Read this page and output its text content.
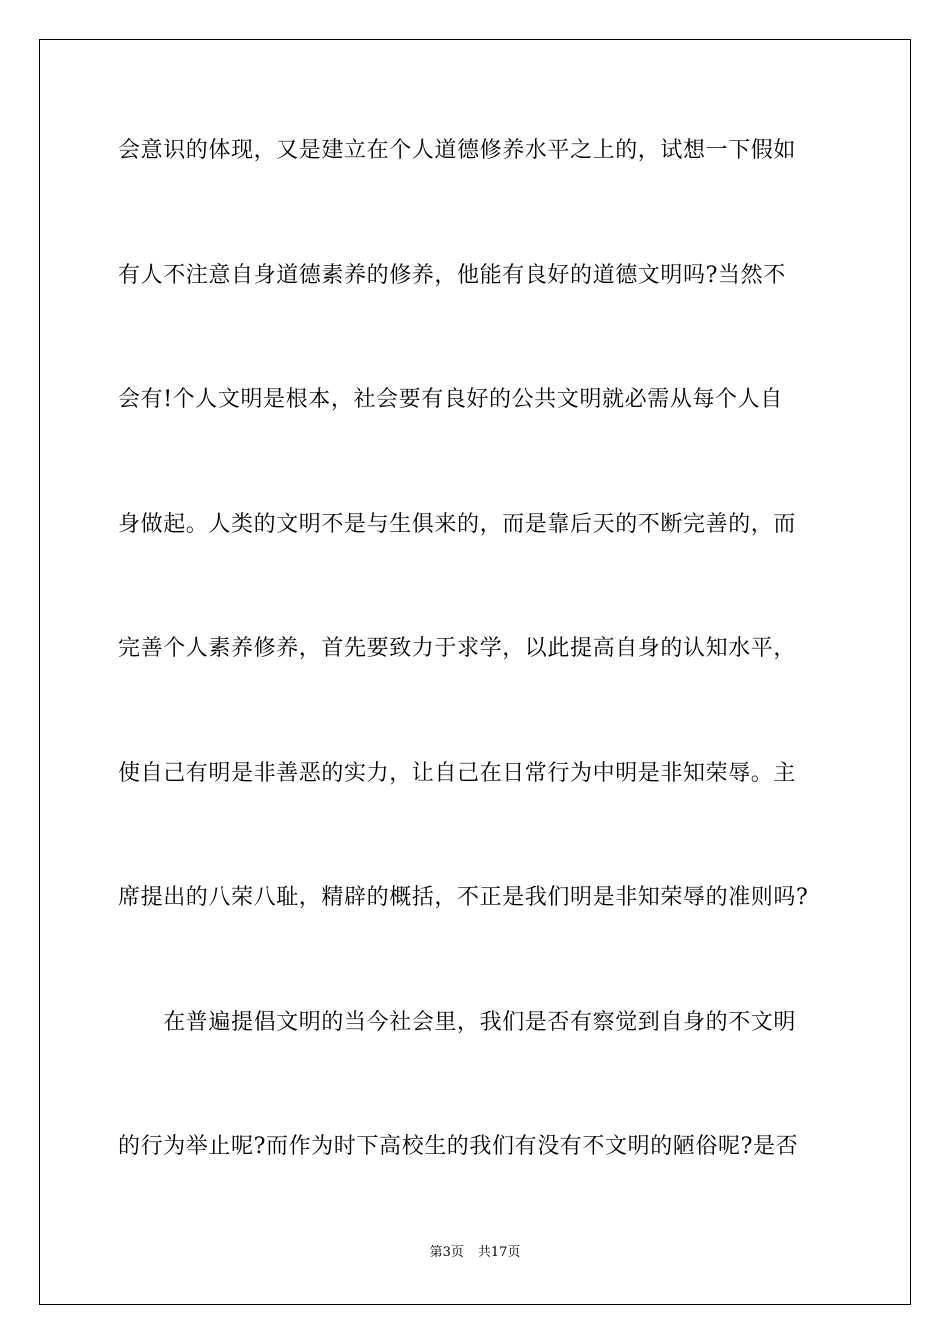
会意识的体现，又是建立在个人道德修养水平之上的，试想一下假如

有人不注意自身道德素养的修养，他能有良好的道德文明吗?当然不

会有!个人文明是根本，社会要有良好的公共文明就必需从每个人自

身做起。人类的文明不是与生俱来的，而是靠后天的不断完善的，而

完善个人素养修养，首先要致力于求学，以此提高自身的认知水平，

使自己有明是非善恶的实力，让自己在日常行为中明是非知荣辱。主

席提出的八荣八耻，精辟的概括，不正是我们明是非知荣辱的准则吗?

　　在普遍提倡文明的当今社会里，我们是否有察觉到自身的不文明

的行为举止呢?而作为时下高校生的我们有没有不文明的陋俗呢?是否

第3页 共17页
